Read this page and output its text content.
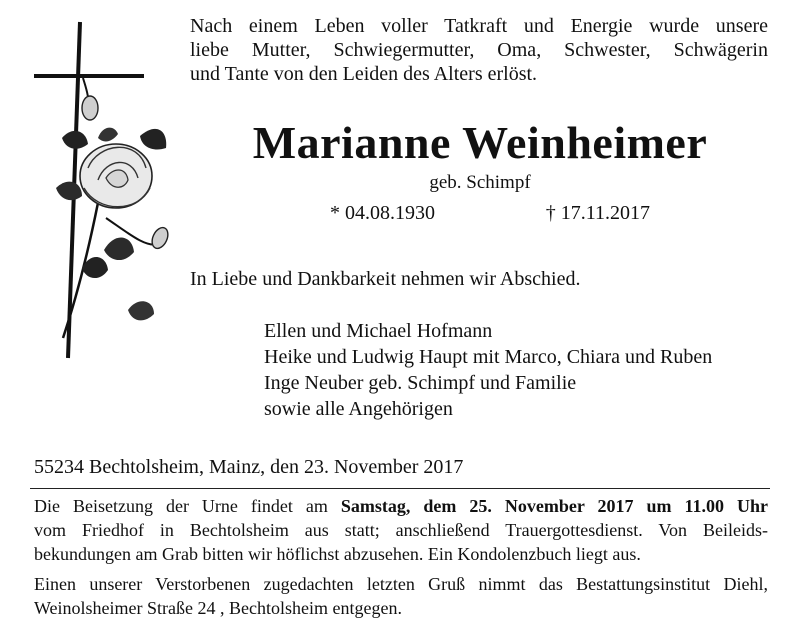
Nach einem Leben voller Tatkraft und Energie wurde unsere
liebe Mutter, Schwiegermutter, Oma, Schwester, Schwägerin
und Tante von den Leiden des Alters erlöst.
Marianne Weinheimer
geb. Schimpf
* 04.08.1930	† 17.11.2017
In Liebe und Dankbarkeit nehmen wir Abschied.
Ellen und Michael Hofmann
Heike und Ludwig Haupt mit Marco, Chiara und Ruben
Inge Neuber geb. Schimpf und Familie
sowie alle Angehörigen
55234 Bechtolsheim, Mainz, den 23. November 2017
Die Beisetzung der Urne findet am Samstag, dem 25. November 2017 um 11.00 Uhr
vom Friedhof in Bechtolsheim aus statt; anschließend Trauergottesdienst. Von Beileids-
bekundungen am Grab bitten wir höflichst abzusehen. Ein Kondolenzbuch liegt aus.
Einen unserer Verstorbenen zugedachten letzten Gruß nimmt das Bestattungsinstitut Diehl,
Weinolsheimer Straße 24 , Bechtolsheim entgegen.
